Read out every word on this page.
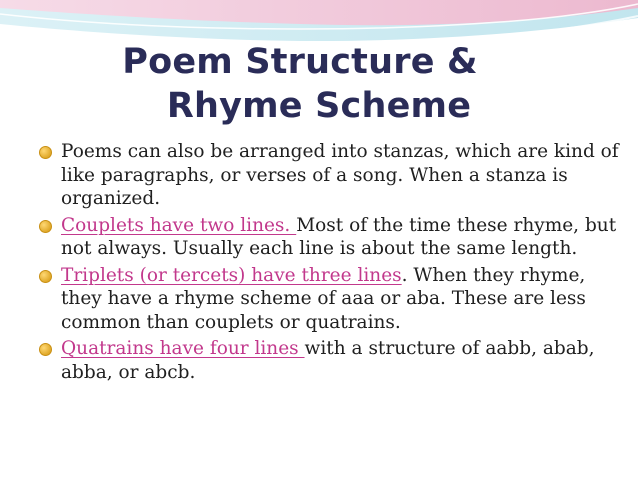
Poem Structure &
Rhyme Scheme
Poems can also be arranged into stanzas, which are kind of like paragraphs, or verses of a song. When a stanza is organized.
Couplets have two lines. Most of the time these rhyme, but not always. Usually each line is about the same length.
Triplets (or tercets) have three lines. When they rhyme, they have a rhyme scheme of aaa or aba. These are less common than couplets or quatrains.
Quatrains have four lines with a structure of aabb, abab, abba, or abcb.
